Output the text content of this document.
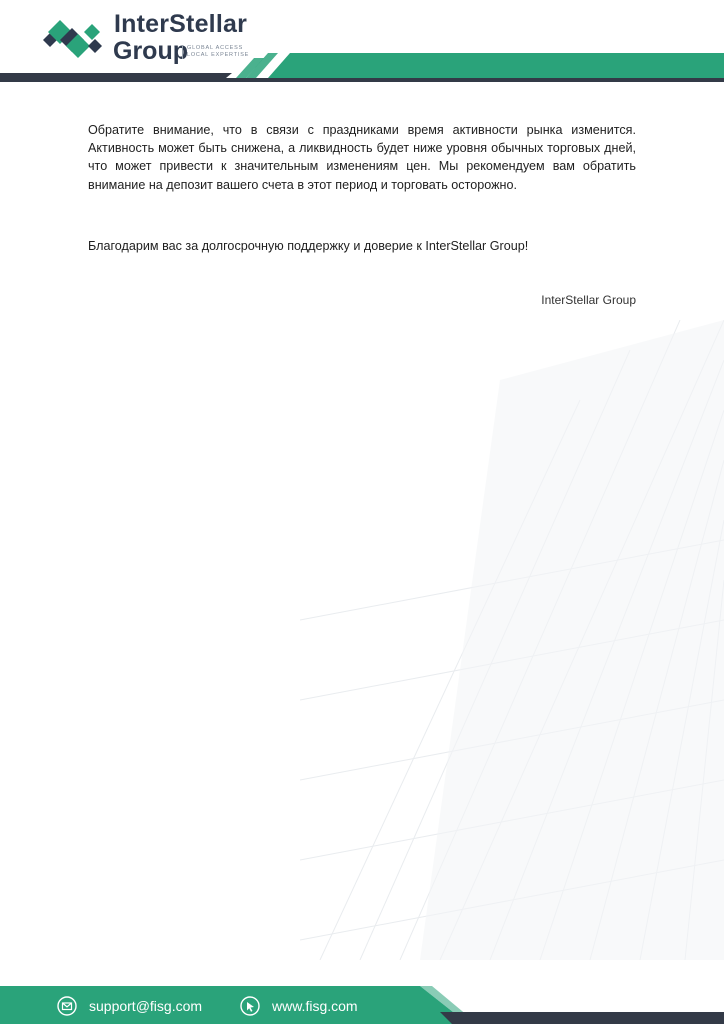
InterStellar
Group GLOBAL ACCESS
LOCAL EXPERTISE

Обратите внимание, что в связи с праздниками время активности рынка изменится. Активность может быть снижена, а ликвидность будет ниже уровня обычных торговых дней, что может привести к значительным изменениям цен. Мы рекомендуем вам обратить внимание на депозит вашего счета в этот период и торговать осторожно.

Благодарим вас за долгосрочную поддержку и доверие к InterStellar Group!

InterStellar Group
support@fisg.com	www.fisg.com
